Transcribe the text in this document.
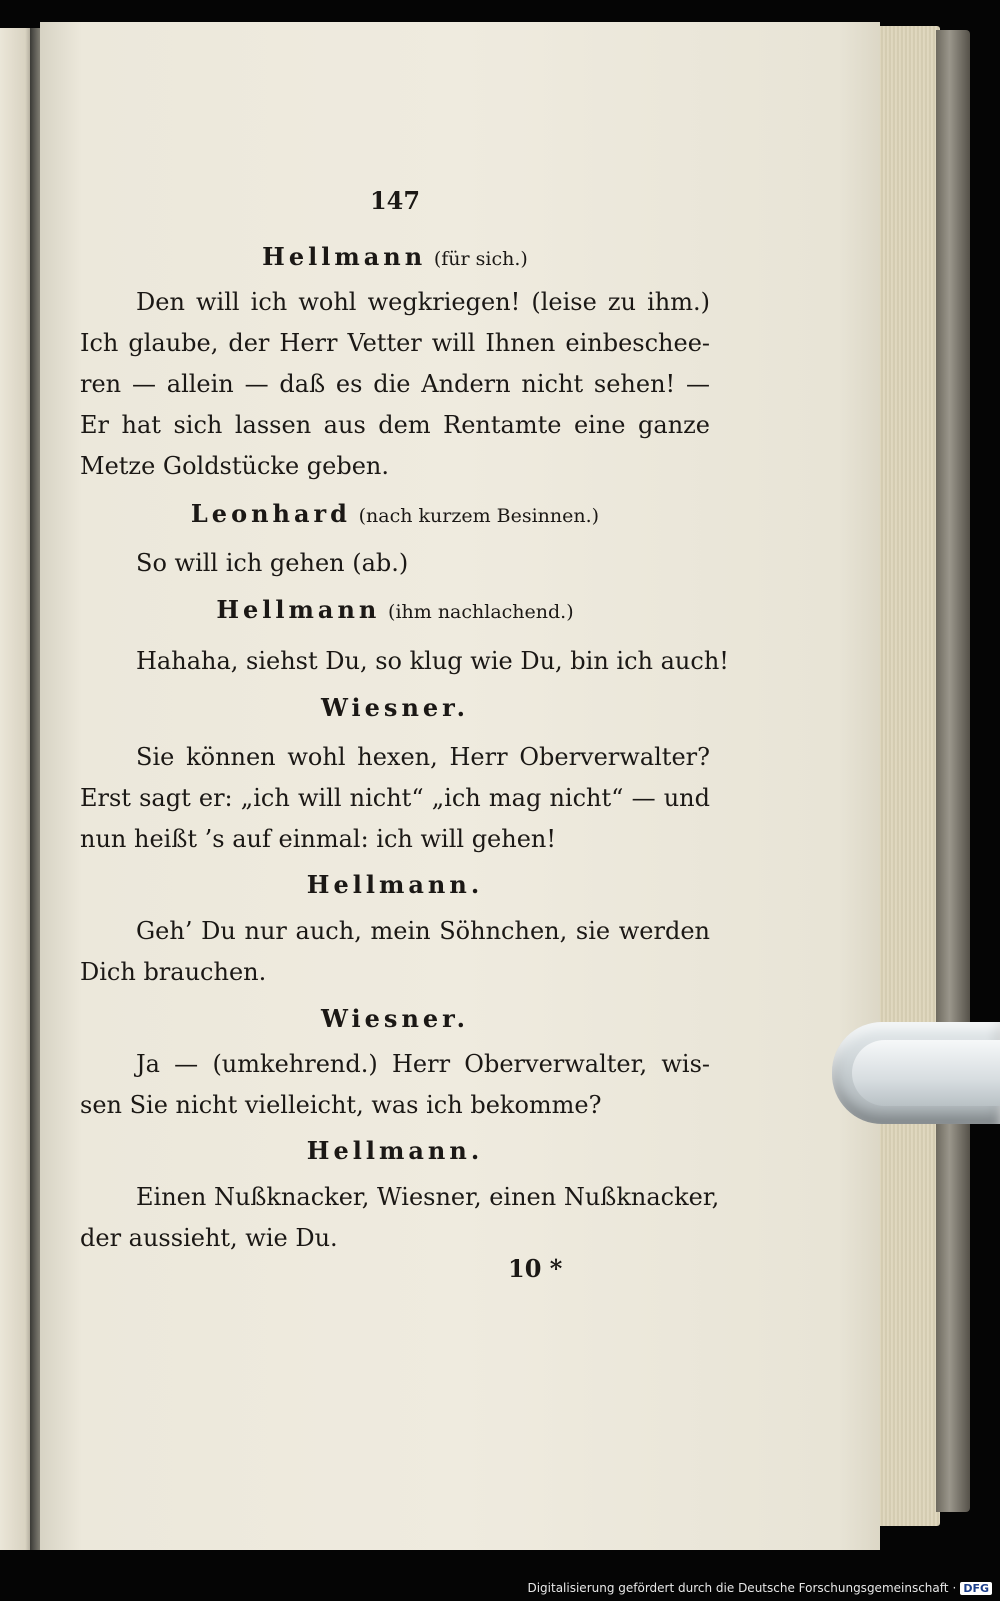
147
Hellmann (für sich.)
Den will ich wohl wegkriegen! (leise zu ihm.)
Ich glaube, der Herr Vetter will Ihnen einbeschee-
ren — allein — daß es die Andern nicht sehen! —
Er hat sich lassen aus dem Rentamte eine ganze
Metze Goldstücke geben.
Leonhard (nach kurzem Besinnen.)
So will ich gehen (ab.)
Hellmann (ihm nachlachend.)
Hahaha, siehst Du, so klug wie Du, bin ich auch!
Wiesner.
Sie können wohl hexen, Herr Oberverwalter?
Erst sagt er: „ich will nicht“ „ich mag nicht“ — und
nun heißt ’s auf einmal: ich will gehen!
Hellmann.
Geh’ Du nur auch, mein Söhnchen, sie werden
Dich brauchen.
Wiesner.
Ja — (umkehrend.) Herr Oberverwalter, wis-
sen Sie nicht vielleicht, was ich bekomme?
Hellmann.
Einen Nußknacker, Wiesner, einen Nußknacker,
der aussieht, wie Du.
10 *
Digitalisierung gefördert durch die Deutsche Forschungsgemeinschaft · DFG
